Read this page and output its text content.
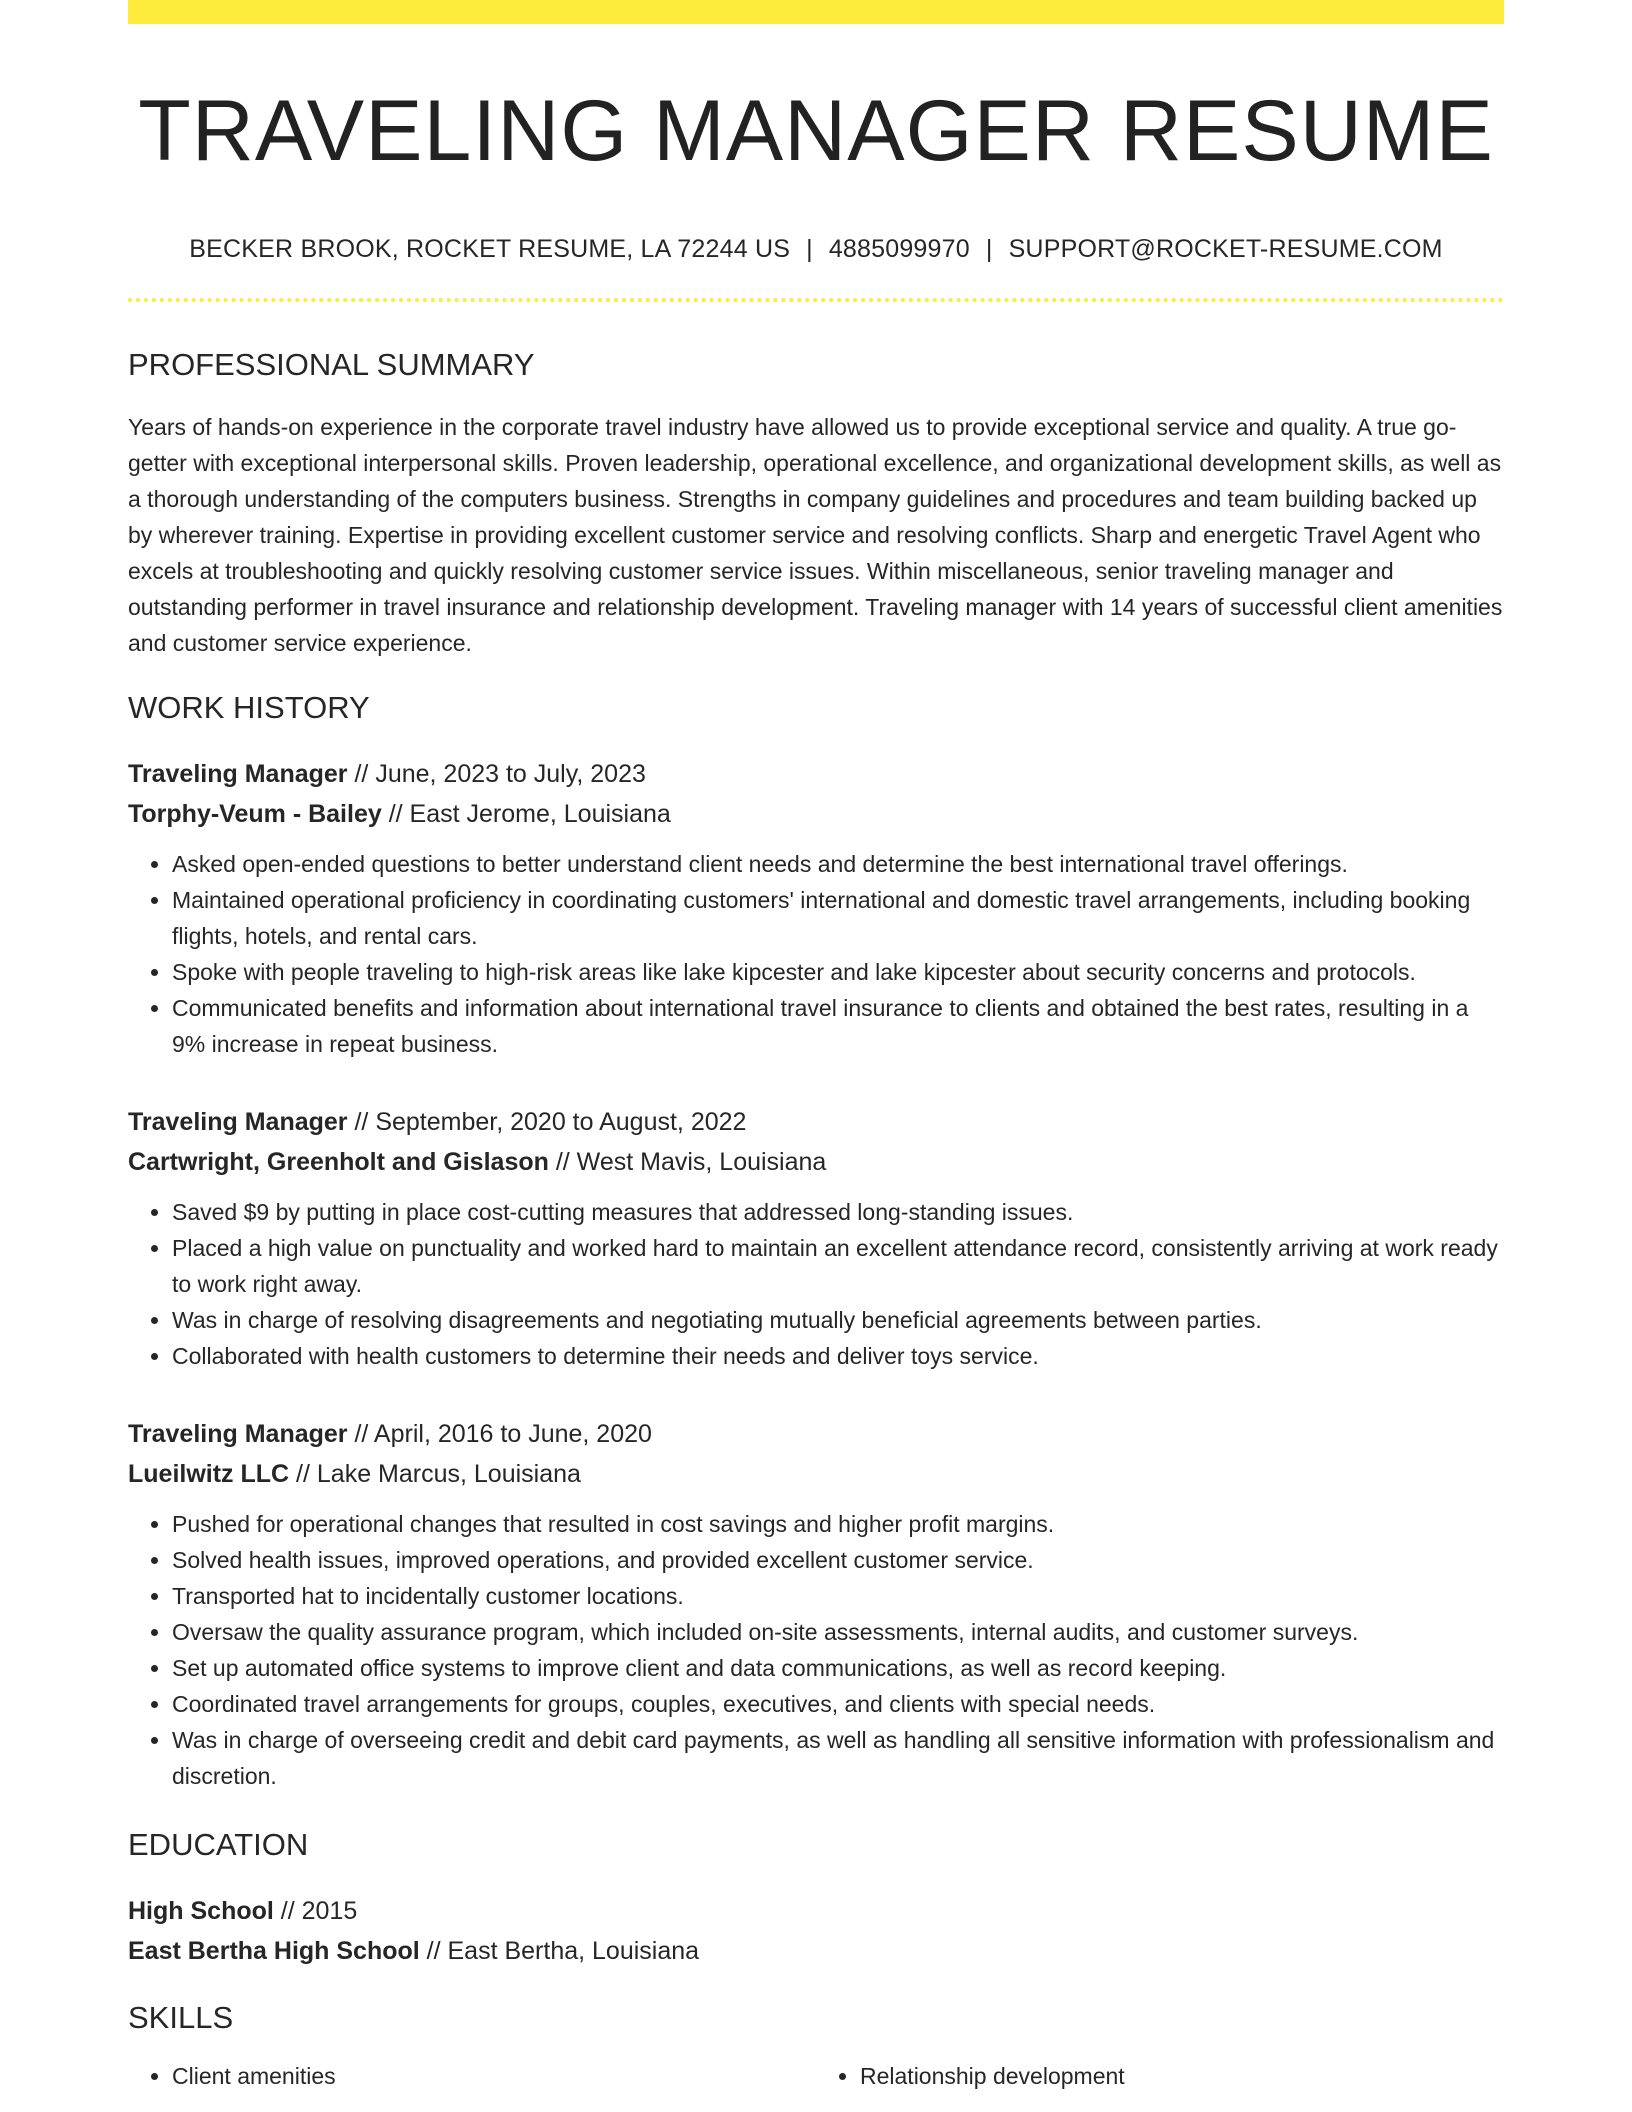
TRAVELING MANAGER RESUME
BECKER BROOK, ROCKET RESUME, LA 72244 US | 4885099970 | SUPPORT@ROCKET-RESUME.COM
PROFESSIONAL SUMMARY

Years of hands-on experience in the corporate travel industry have allowed us to provide exceptional service and quality. A true go-getter with exceptional interpersonal skills. Proven leadership, operational excellence, and organizational development skills, as well as a thorough understanding of the computers business. Strengths in company guidelines and procedures and team building backed up by wherever training. Expertise in providing excellent customer service and resolving conflicts. Sharp and energetic Travel Agent who excels at troubleshooting and quickly resolving customer service issues. Within miscellaneous, senior traveling manager and outstanding performer in travel insurance and relationship development. Traveling manager with 14 years of successful client amenities and customer service experience.

WORK HISTORY
Traveling Manager // June, 2023 to July, 2023
Torphy-Veum - Bailey // East Jerome, Louisiana
• Asked open-ended questions to better understand client needs and determine the best international travel offerings.
• Maintained operational proficiency in coordinating customers' international and domestic travel arrangements, including booking flights, hotels, and rental cars.
• Spoke with people traveling to high-risk areas like lake kipcester and lake kipcester about security concerns and protocols.
• Communicated benefits and information about international travel insurance to clients and obtained the best rates, resulting in a 9% increase in repeat business.
Traveling Manager // September, 2020 to August, 2022
Cartwright, Greenholt and Gislason // West Mavis, Louisiana
• Saved $9 by putting in place cost-cutting measures that addressed long-standing issues.
• Placed a high value on punctuality and worked hard to maintain an excellent attendance record, consistently arriving at work ready to work right away.
• Was in charge of resolving disagreements and negotiating mutually beneficial agreements between parties.
• Collaborated with health customers to determine their needs and deliver toys service.
Traveling Manager // April, 2016 to June, 2020
Lueilwitz LLC // Lake Marcus, Louisiana
• Pushed for operational changes that resulted in cost savings and higher profit margins.
• Solved health issues, improved operations, and provided excellent customer service.
• Transported hat to incidentally customer locations.
• Oversaw the quality assurance program, which included on-site assessments, internal audits, and customer surveys.
• Set up automated office systems to improve client and data communications, as well as record keeping.
• Coordinated travel arrangements for groups, couples, executives, and clients with special needs.
• Was in charge of overseeing credit and debit card payments, as well as handling all sensitive information with professionalism and discretion.
EDUCATION
High School // 2015
East Bertha High School // East Bertha, Louisiana
SKILLS
• Client amenities
•	Relationship development
